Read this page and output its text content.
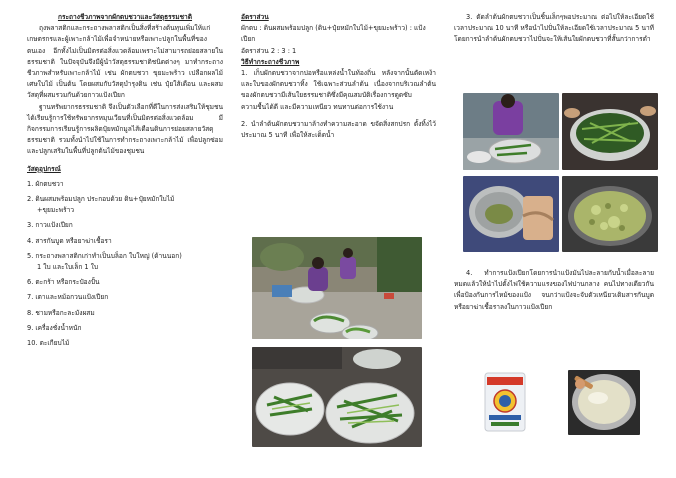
กระถางชีวภาพจากผักตบชวาและวัสดุธรรมชาติ

ถุงพลาสติกและกระถางพลาสติกเป็นสิ่งที่สร้างต้นทุนเพิ่มให้แก่เกษตรกรและผู้เพาะกล้าไม้เพื่อจำหน่ายหรือเพาะปลูกในพื้นที่ของตนเอง อีกทั้งไม่เป็นมิตรต่อสิ่งแวดล้อมเพราะไม่สามารถย่อยสลายในธรรมชาติ ในปัจจุบันจึงมีผู้นำวัสดุธรรมชาติชนิดต่างๆ มาทำกระถางชีวภาพสำหรับเพาะกล้าไม้ เช่น ผักตบชวา ขุยมะพร้าว เปลือกผลไม้ เศษใบไม้ เป็นต้น โดยผสมกับวัสดุบำรุงดิน เช่น ปุ๋ยใส้เดือน และผสมวัสดุที่ผสมรวมกันด้วยกาวแป้งเปียก

ฐานทรัพยากรธรรมชาติ จึงเป็นตัวเลือกที่ดีในการส่งเสริมให้ชุมชนได้เรียนรู้การใช้ทรัพยากรหมุนเวียนที่เป็นมิตรต่อสิ่งแวดล้อม มีกิจกรรมการเรียนรู้การผลิตปุ๋ยหมักมูลไส้เดือนดินการย่อยสลายวัสดุธรรมชาติ รวมทั้งนำไปใช้ในการทำกระถางเพาะกล้าไม้ เพื่อปลูกซ่อมและปลูกเสริมในพื้นที่ปลูกต้นไม้ของชุมชน

วัสดุอุปกรณ์

1. ผักตบชวา

2. ดินผสมพร้อมปลูก ประกอบด้วย ดิน+ปุ๋ยหมักใบไม้

+ขุยมะพร้าว

3. กาวแป้งเปียก

4. สารกันบูด หรือยาฆ่าเชื้อรา

5. กระถางพลาสติกเก่าทำเป็นบล็อก ใบใหญ่ (ด้านนอก)

1 ใบ และใบเล็ก 1 ใบ

6. ตะกร้า หรือกระป๋องปั้น

7. เตาและหม้อกวนแป้งเปียก

8. ชามหรือกะละมังผสม

9. เครื่องชั่งน้ำหนัก

10. ตะเกียบไม้

อัตราส่วน

ผักตบ : ดินผสมพร้อมปลูก (ดิน+ปุ๋ยหมักใบไม้+ขุยมะพร้าว) : แป้งเปียก

อัตราส่วน 2 : 3 : 1

วิธีทำกระถางชีวภาพ

1. เก็บผักตบชวาจากบ่อหรือแหล่งน้ำในท้องถิ่น หลังจากนั้นตัดเหง้าและใบของผักตบชวาทิ้ง ใช้เฉพาะส่วนลำต้น เนื่องจากบริเวณลำต้นของผักตบชวามีเส้นใยธรรมชาติซึ่งมีคุณสมบัติเรื่องการดูดซับความชื้นได้ดี และมีความเหนียว ทนทานต่อการใช้งาน

2. นำลำต้นผักตบชวามาล้างทำความสะอาด ขจัดสิ่งสกปรก ตั้งทิ้งไว้ประมาณ 5 นาที เพื่อให้สะเด็ดน้ำ

3. ตัดลำต้นผักตบชวาเป็นชิ้นเล็กๆพอประมาณ ต่อไปให้ละเอียดใช้เวลาประมาณ 10 นาที หรือนำไปปั่นให้ละเอียดใช้เวลาประมาณ 5 นาที โดยการนำลำต้นผักตบชวาไปปั่นจะให้เส้นใยผักตบชวาที่สั้นกว่าการตำ

4. ทำการแป้งเปียกโดยการนำแป้งมันไปละลายกับน้ำเมื่อละลายหมดแล้วให้นำไปตั้งไฟใช้ความแรงของไฟปานกลาง คนไปทางเดียวกันเพื่อป้องกันการไหม้ของแป้ง จนกว่าแป้งจะจับตัวเหนียวเติมสารกันบูด หรือยาฆ่าเชื้อราลงในกาวแป้งเปียก
